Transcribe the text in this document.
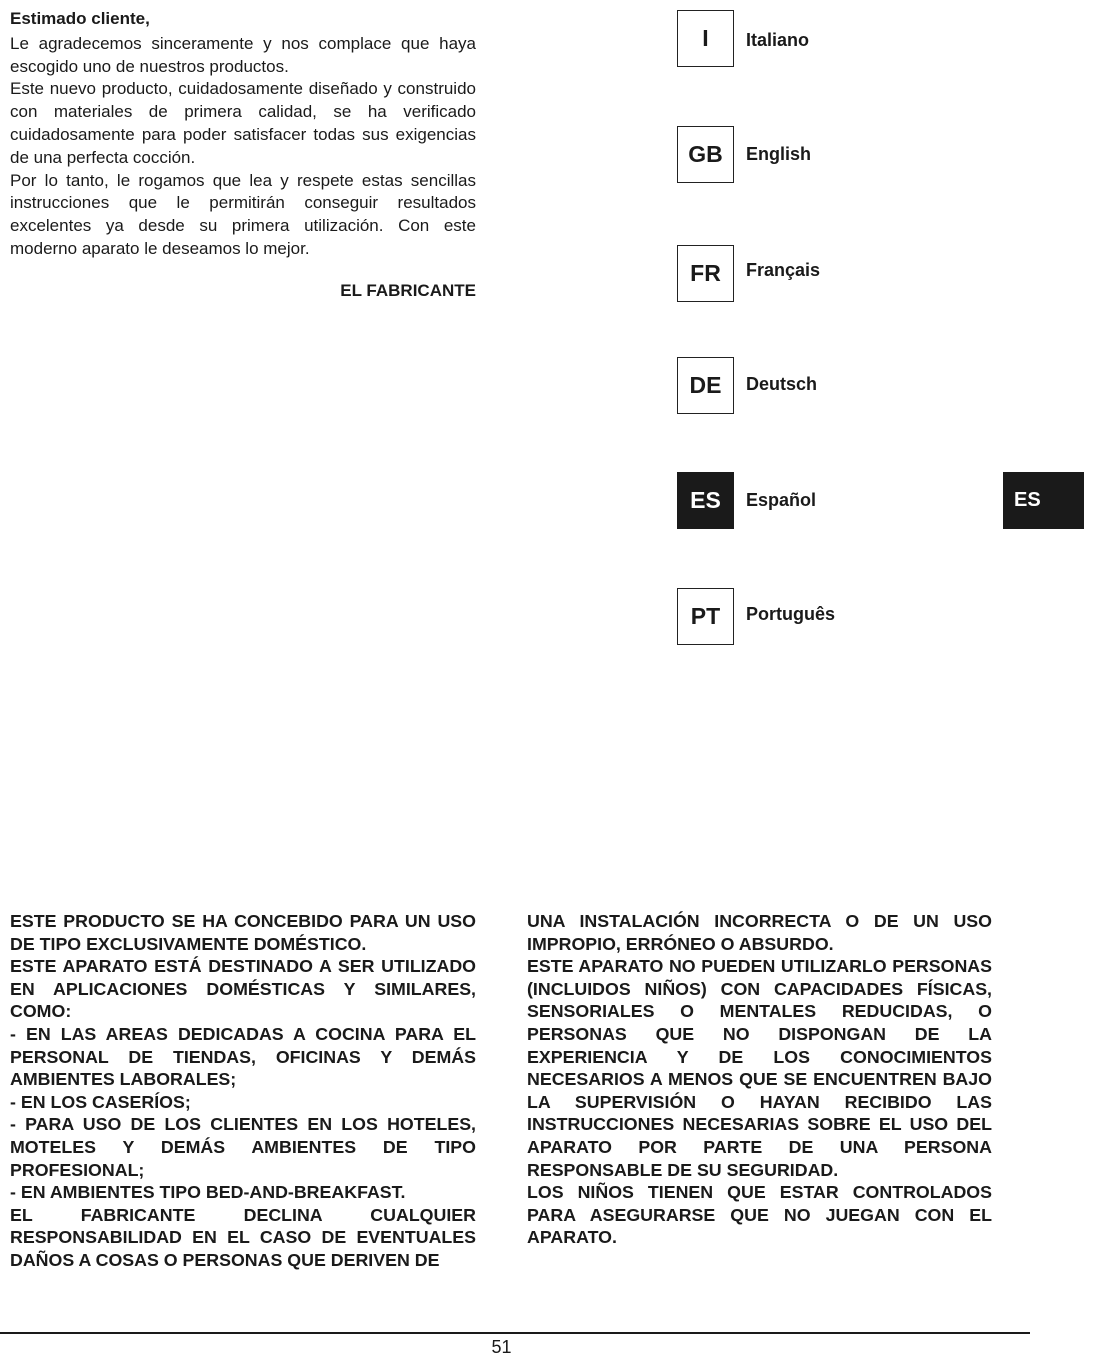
Estimado cliente,

Le agradecemos sinceramente y nos complace que haya escogido uno de nuestros productos.

Este nuevo producto, cuidadosamente diseñado y construido con materiales de primera calidad, se ha verificado cuidadosamente para poder satisfacer todas sus exigencias de una perfecta cocción.

Por lo tanto, le rogamos que lea y respete estas sencillas instrucciones que le permitirán conseguir resultados excelentes ya desde su primera utilización. Con este moderno aparato le deseamos lo mejor.

EL FABRICANTE
I	Italiano
GB	English
FR	Français
DE	Deutsch
ES	Español
PT	Português
ES

ESTE PRODUCTO SE HA CONCEBIDO PARA UN USO DE TIPO EXCLUSIVAMENTE DOMÉSTICO.

ESTE APARATO ESTÁ DESTINADO A SER UTILIZADO EN APLICACIONES DOMÉSTICAS Y SIMILARES, COMO:

- EN LAS AREAS DEDICADAS A COCINA PARA EL PERSONAL DE TIENDAS, OFICINAS Y DEMÁS AMBIENTES LABORALES;

- EN LOS CASERÍOS;

- PARA USO DE LOS CLIENTES EN LOS HOTELES, MOTELES Y DEMÁS AMBIENTES DE TIPO PROFESIONAL;

- EN AMBIENTES TIPO BED-AND-BREAKFAST.

EL FABRICANTE DECLINA CUALQUIER RESPONSABILIDAD EN EL CASO DE EVENTUALES DAÑOS A COSAS O PERSONAS QUE DERIVEN DE

UNA INSTALACIÓN INCORRECTA O DE UN USO IMPROPIO, ERRÓNEO O ABSURDO.

ESTE APARATO NO PUEDEN UTILIZARLO PERSONAS (INCLUIDOS NIÑOS) CON CAPACIDADES FÍSICAS, SENSORIALES O MENTALES REDUCIDAS, O PERSONAS QUE NO DISPONGAN DE LA EXPERIENCIA Y DE LOS CONOCIMIENTOS NECESARIOS A MENOS QUE SE ENCUENTREN BAJO LA SUPERVISIÓN O HAYAN RECIBIDO LAS INSTRUCCIONES NECESARIAS SOBRE EL USO DEL APARATO POR PARTE DE UNA PERSONA RESPONSABLE DE SU SEGURIDAD.

LOS NIÑOS TIENEN QUE ESTAR CONTROLADOS PARA ASEGURARSE QUE NO JUEGAN CON EL APARATO.

51
